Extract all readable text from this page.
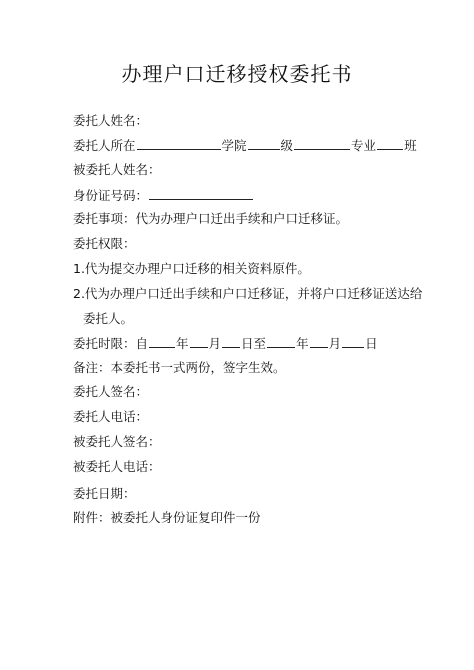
办理户口迁移授权委托书
委托人姓名：
委托人所在	学院	级	专业 班
被委托人姓名：
身份证号码：
委托事项：代为办理户口迁出手续和户口迁移证。
委托权限：
1.代为提交办理户口迁移的相关资料原件。
2.代为办理户口迁出手续和户口迁移证，并将户口迁移证送达给
委托人。
委托时限：自 年 月 日至 年 月 日
备注：本委托书一式两份，签字生效。
委托人签名：
委托人电话：
被委托人签名：
被委托人电话：
委托日期：
附件：被委托人身份证复印件一份
